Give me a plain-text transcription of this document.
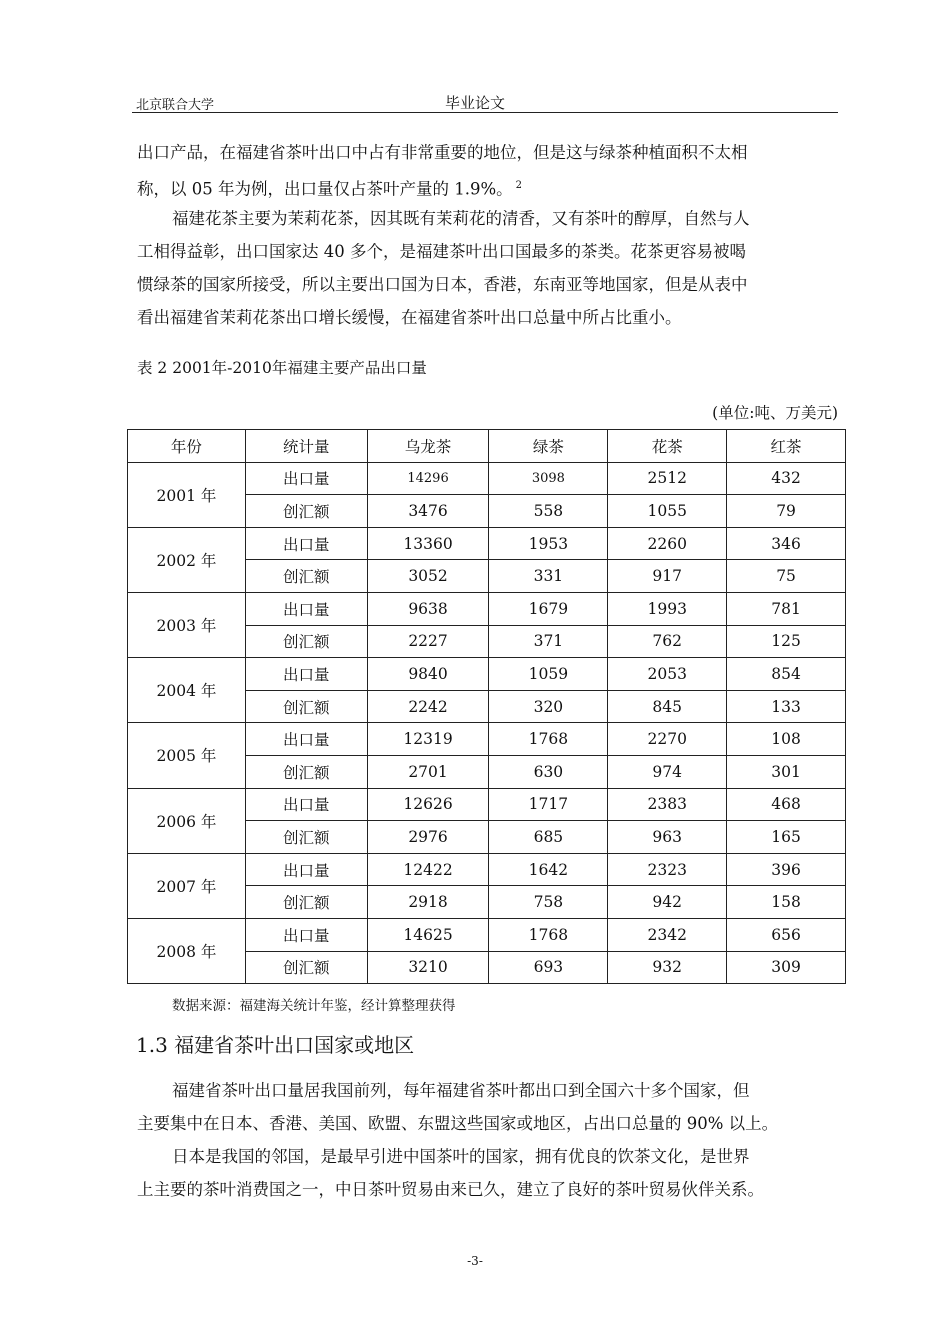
北京联合大学	毕业论文
出口产品，在福建省茶叶出口中占有非常重要的地位，但是这与绿茶种植面积不太相
称，以 05 年为例，出口量仅占茶叶产量的 1.9%。 $^2$
福建花茶主要为茉莉花茶，因其既有茉莉花的清香，又有茶叶的醇厚，自然与人
工相得益彰，出口国家达 40 多个，是福建茶叶出口国最多的茶类。花茶更容易被喝
惯绿茶的国家所接受，所以主要出口国为日本，香港，东南亚等地国家，但是从表中
看出福建省茉莉花茶出口增长缓慢，在福建省茶叶出口总量中所占比重小。
表 2 2001年-2010年福建主要产品出口量
(单位:吨、万美元)
年份	统计量	乌龙茶	绿茶	花茶	红茶
2001 年	出口量	14296	3098	2512	432
	创汇额	3476	558	1055	79
2002 年	出口量	13360	1953	2260	346
	创汇额	3052	331	917	75
2003 年	出口量	9638	1679	1993	781
	创汇额	2227	371	762	125
2004 年	出口量	9840	1059	2053	854
	创汇额	2242	320	845	133
2005 年	出口量	12319	1768	2270	108
	创汇额	2701	630	974	301
2006 年	出口量	12626	1717	2383	468
	创汇额	2976	685	963	165
2007 年	出口量	12422	1642	2323	396
	创汇额	2918	758	942	158
2008 年	出口量	14625	1768	2342	656
	创汇额	3210	693	932	309
数据来源：福建海关统计年鉴，经计算整理获得
1.3 福建省茶叶出口国家或地区
福建省茶叶出口量居我国前列，每年福建省茶叶都出口到全国六十多个国家，但
主要集中在日本、香港、美国、欧盟、东盟这些国家或地区，占出口总量的 90% 以上。
日本是我国的邻国，是最早引进中国茶叶的国家，拥有优良的饮茶文化，是世界
上主要的茶叶消费国之一，中日茶叶贸易由来已久，建立了良好的茶叶贸易伙伴关系。
-3-
